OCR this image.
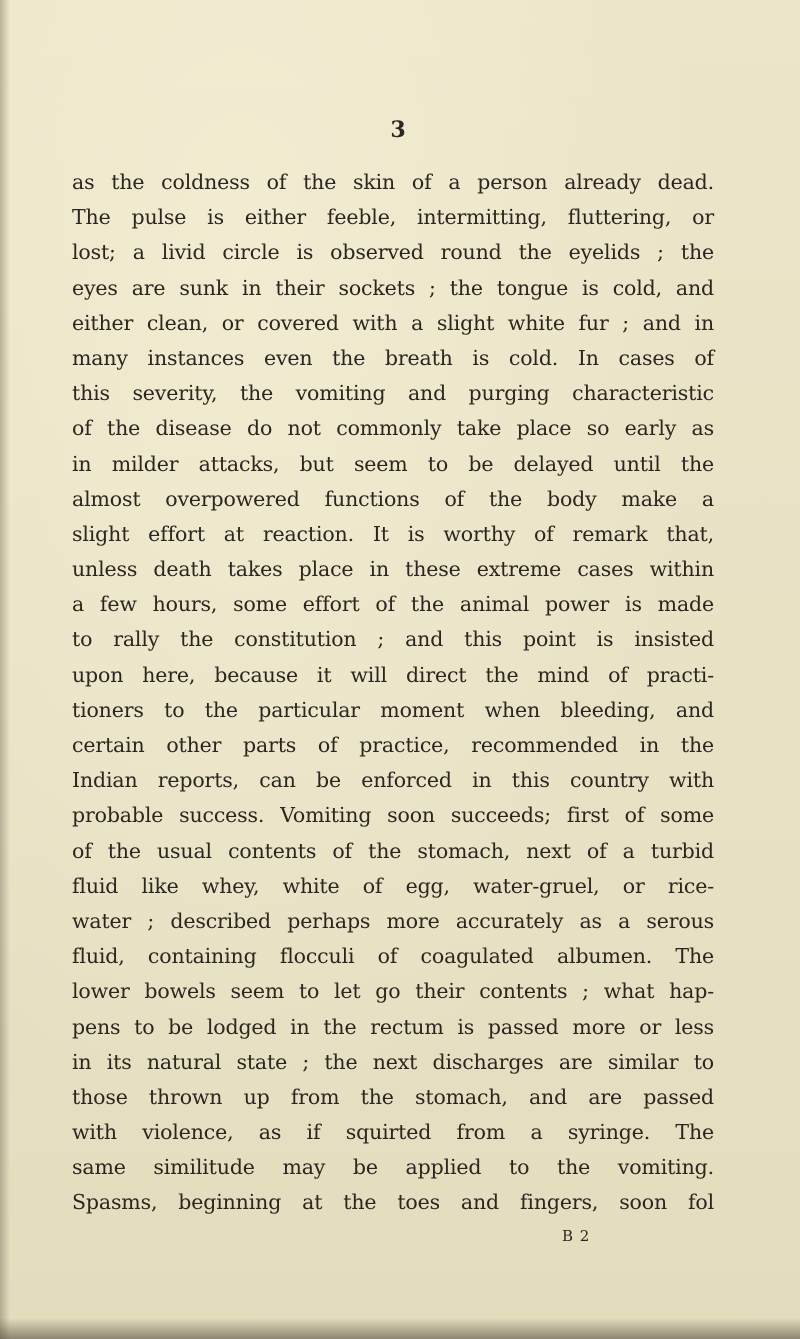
3
as the coldness of the skin of a person already dead.
The pulse is either feeble, intermitting, fluttering, or
lost; a livid circle is observed round the eyelids ; the
eyes are sunk in their sockets ; the tongue is cold, and
either clean, or covered with a slight white fur ; and in
many instances even the breath is cold. In cases of
this severity, the vomiting and purging characteristic
of the disease do not commonly take place so early as
in milder attacks, but seem to be delayed until the
almost overpowered functions of the body make a
slight effort at reaction. It is worthy of remark that,
unless death takes place in these extreme cases within
a few hours, some effort of the animal power is made
to rally the constitution ; and this point is insisted
upon here, because it will direct the mind of practi-
tioners to the particular moment when bleeding, and
certain other parts of practice, recommended in the
Indian reports, can be enforced in this country with
probable success. Vomiting soon succeeds; first of some
of the usual contents of the stomach, next of a turbid
fluid like whey, white of egg, water-gruel, or rice-
water ; described perhaps more accurately as a serous
fluid, containing flocculi of coagulated albumen. The
lower bowels seem to let go their contents ; what hap-
pens to be lodged in the rectum is passed more or less
in its natural state ; the next discharges are similar to
those thrown up from the stomach, and are passed
with violence, as if squirted from a syringe. The
same similitude may be applied to the vomiting.
Spasms, beginning at the toes and fingers, soon fol
B 2
